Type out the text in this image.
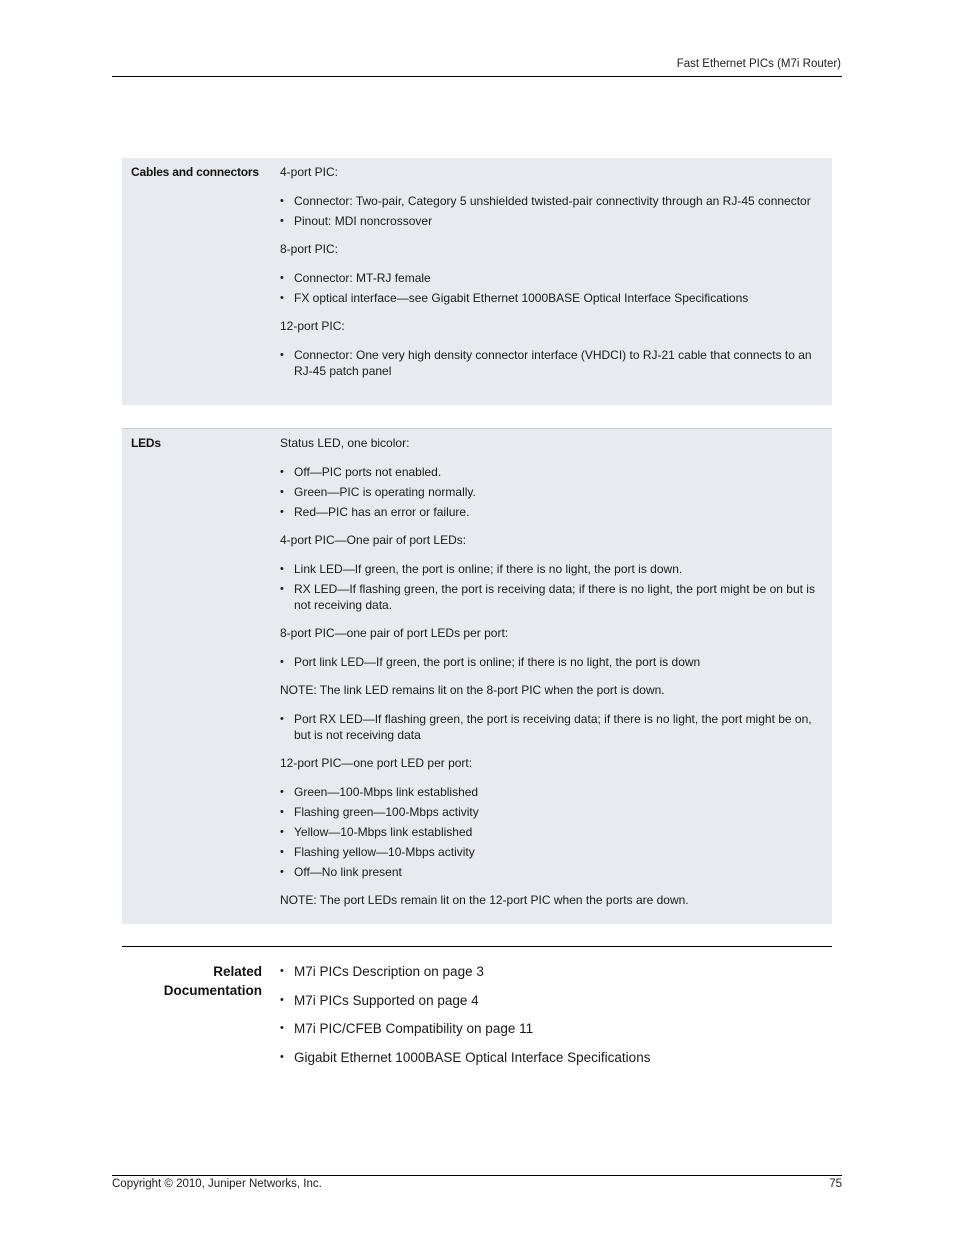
Fast Ethernet PICs (M7i Router)
Cables and connectors 4-port PIC:

• Connector: Two-pair, Category 5 unshielded twisted-pair connectivity through an RJ-45 connector
• Pinout: MDI noncrossover

8-port PIC:

• Connector: MT-RJ female
• FX optical interface—see Gigabit Ethernet 1000BASE Optical Interface Specifications

12-port PIC:

• Connector: One very high density connector interface (VHDCI) to RJ-21 cable that connects to an RJ-45 patch panel
LEDs	Status LED, one bicolor:

• Off—PIC ports not enabled.
• Green—PIC is operating normally.
• Red—PIC has an error or failure.

4-port PIC—One pair of port LEDs:

• Link LED—If green, the port is online; if there is no light, the port is down.
• RX LED—If flashing green, the port is receiving data; if there is no light, the port might be on but is not receiving data.

8-port PIC—one pair of port LEDs per port:

• Port link LED—If green, the port is online; if there is no light, the port is down

NOTE: The link LED remains lit on the 8-port PIC when the port is down.

• Port RX LED—If flashing green, the port is receiving data; if there is no light, the port might be on, but is not receiving data

12-port PIC—one port LED per port:

• Green—100-Mbps link established
• Flashing green—100-Mbps activity
• Yellow—10-Mbps link established
• Flashing yellow—10-Mbps activity
• Off—No link present

NOTE: The port LEDs remain lit on the 12-port PIC when the ports are down.

Related
Documentation
• M7i PICs Description on page 3
• M7i PICs Supported on page 4
• M7i PIC/CFEB Compatibility on page 11
• Gigabit Ethernet 1000BASE Optical Interface Specifications
Copyright © 2010, Juniper Networks, Inc.	75
